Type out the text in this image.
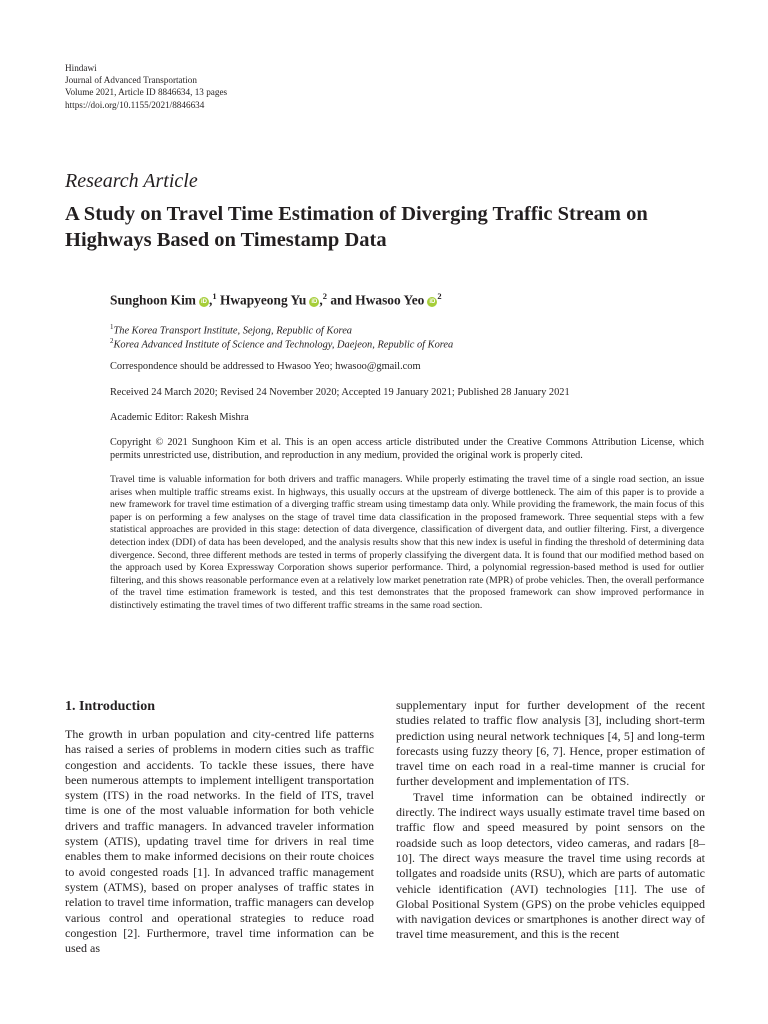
Hindawi
Journal of Advanced Transportation
Volume 2021, Article ID 8846634, 13 pages
https://doi.org/10.1155/2021/8846634
Research Article
A Study on Travel Time Estimation of Diverging Traffic Stream on Highways Based on Timestamp Data
Sunghoon Kim iD ,$^1$ Hwapyeong Yu iD ,$^2$ and Hwasoo Yeo $iD^2$
$^1$The Korea Transport Institute, Sejong, Republic of Korea
$^2$Korea Advanced Institute of Science and Technology, Daejeon, Republic of Korea
Correspondence should be addressed to Hwasoo Yeo; hwasoo@gmail.com
Received 24 March 2020; Revised 24 November 2020; Accepted 19 January 2021; Published 28 January 2021
Academic Editor: Rakesh Mishra
Copyright © 2021 Sunghoon Kim et al. This is an open access article distributed under the Creative Commons Attribution License, which permits unrestricted use, distribution, and reproduction in any medium, provided the original work is properly cited.
Travel time is valuable information for both drivers and traffic managers. While properly estimating the travel time of a single road section, an issue arises when multiple traffic streams exist. In highways, this usually occurs at the upstream of diverge bottleneck. The aim of this paper is to provide a new framework for travel time estimation of a diverging traffic stream using timestamp data only. While providing the framework, the main focus of this paper is on performing a few analyses on the stage of travel time data classification in the proposed framework. Three sequential steps with a few statistical approaches are provided in this stage: detection of data divergence, classification of divergent data, and outlier filtering. First, a divergence detection index (DDI) of data has been developed, and the analysis results show that this new index is useful in finding the threshold of determining data divergence. Second, three different methods are tested in terms of properly classifying the divergent data. It is found that our modified method based on the approach used by Korea Expressway Corporation shows superior performance. Third, a polynomial regression-based method is used for outlier filtering, and this shows reasonable performance even at a relatively low market penetration rate (MPR) of probe vehicles. Then, the overall performance of the travel time estimation framework is tested, and this test demonstrates that the proposed framework can show improved performance in distinctively estimating the travel times of two different traffic streams in the same road section.

1. Introduction

The growth in urban population and city-centred life patterns has raised a series of problems in modern cities such as traffic congestion and accidents. To tackle these issues, there have been numerous attempts to implement intelligent transportation system (ITS) in the road networks. In the field of ITS, travel time is one of the most valuable information for both vehicle drivers and traffic managers. In advanced traveler information system (ATIS), updating travel time for drivers in real time enables them to make informed decisions on their route choices to avoid congested roads [1]. In advanced traffic management system (ATMS), based on proper analyses of traffic states in relation to travel time information, traffic managers can develop various control and operational strategies to reduce road congestion [2]. Furthermore, travel time information can be used as

supplementary input for further development of the recent studies related to traffic flow analysis [3], including short-term prediction using neural network techniques [4, 5] and long-term forecasts using fuzzy theory [6, 7]. Hence, proper estimation of travel time on each road in a real-time manner is crucial for further development and implementation of ITS.

Travel time information can be obtained indirectly or directly. The indirect ways usually estimate travel time based on traffic flow and speed measured by point sensors on the roadside such as loop detectors, video cameras, and radars [8–10]. The direct ways measure the travel time using records at tollgates and roadside units (RSU), which are parts of automatic vehicle identification (AVI) technologies [11]. The use of Global Positional System (GPS) on the probe vehicles equipped with navigation devices or smartphones is another direct way of travel time measurement, and this is the recent
